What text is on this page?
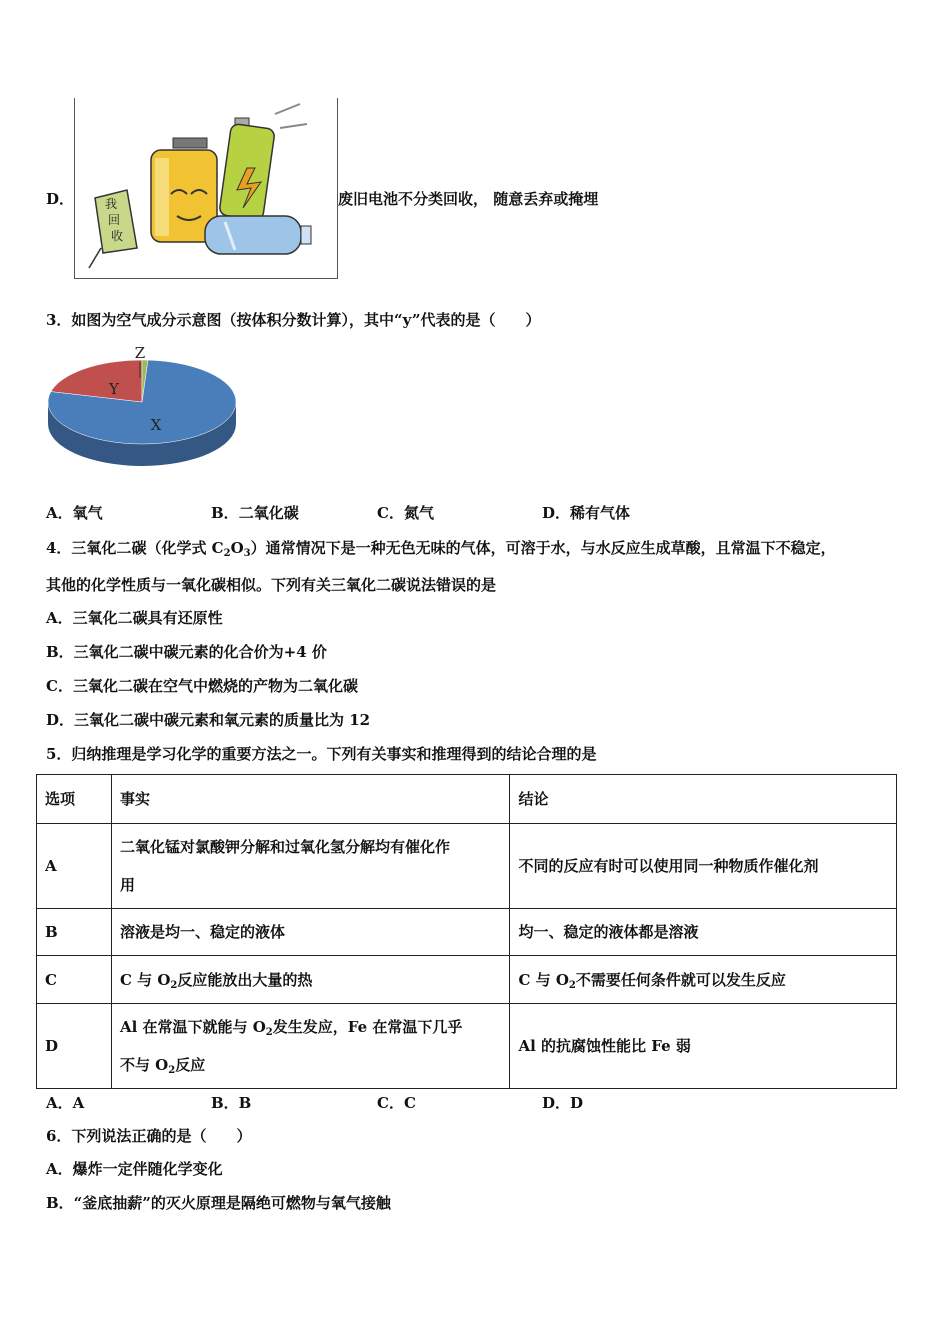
D．	我
回
收
废旧电池不分类回收， 随意丢弃或掩埋
3．如图为空气成分示意图（按体积分数计算），其中“y”代表的是（　　）
X
Y
Z
A．氧气	B．二氧化碳	C．氮气	D．稀有气体
4．三氧化二碳（化学式 $C_2O_3$）通常情况下是一种无色无味的气体，可溶于水，与水反应生成草酸，且常温下不稳定，
其他的化学性质与一氧化碳相似。下列有关三氧化二碳说法错误的是
A．三氧化二碳具有还原性
B．三氧化二碳中碳元素的化合价为+4 价
C．三氧化二碳在空气中燃烧的产物为二氧化碳
D．三氧化二碳中碳元素和氧元素的质量比为 12
5．归纳推理是学习化学的重要方法之一。下列有关事实和推理得到的结论合理的是
选项	事实	结论
A	二氧化锰对氯酸钾分解和过氧化氢分解均有催化作
用	不同的反应有时可以使用同一种物质作催化剂
B	溶液是均一、稳定的液体	均一、稳定的液体都是溶液
C	C 与 $O_2$反应能放出大量的热	C 与 $O_2$不需要任何条件就可以发生反应
D	Al 在常温下就能与 $O_2$发生发应，Fe 在常温下几乎
不与 $O_2$反应	Al 的抗腐蚀性能比 Fe 弱
A．A	B．B	C．C	D．D
6．下列说法正确的是（　　）
A．爆炸一定伴随化学变化
B．“釜底抽薪”的灭火原理是隔绝可燃物与氧气接触
